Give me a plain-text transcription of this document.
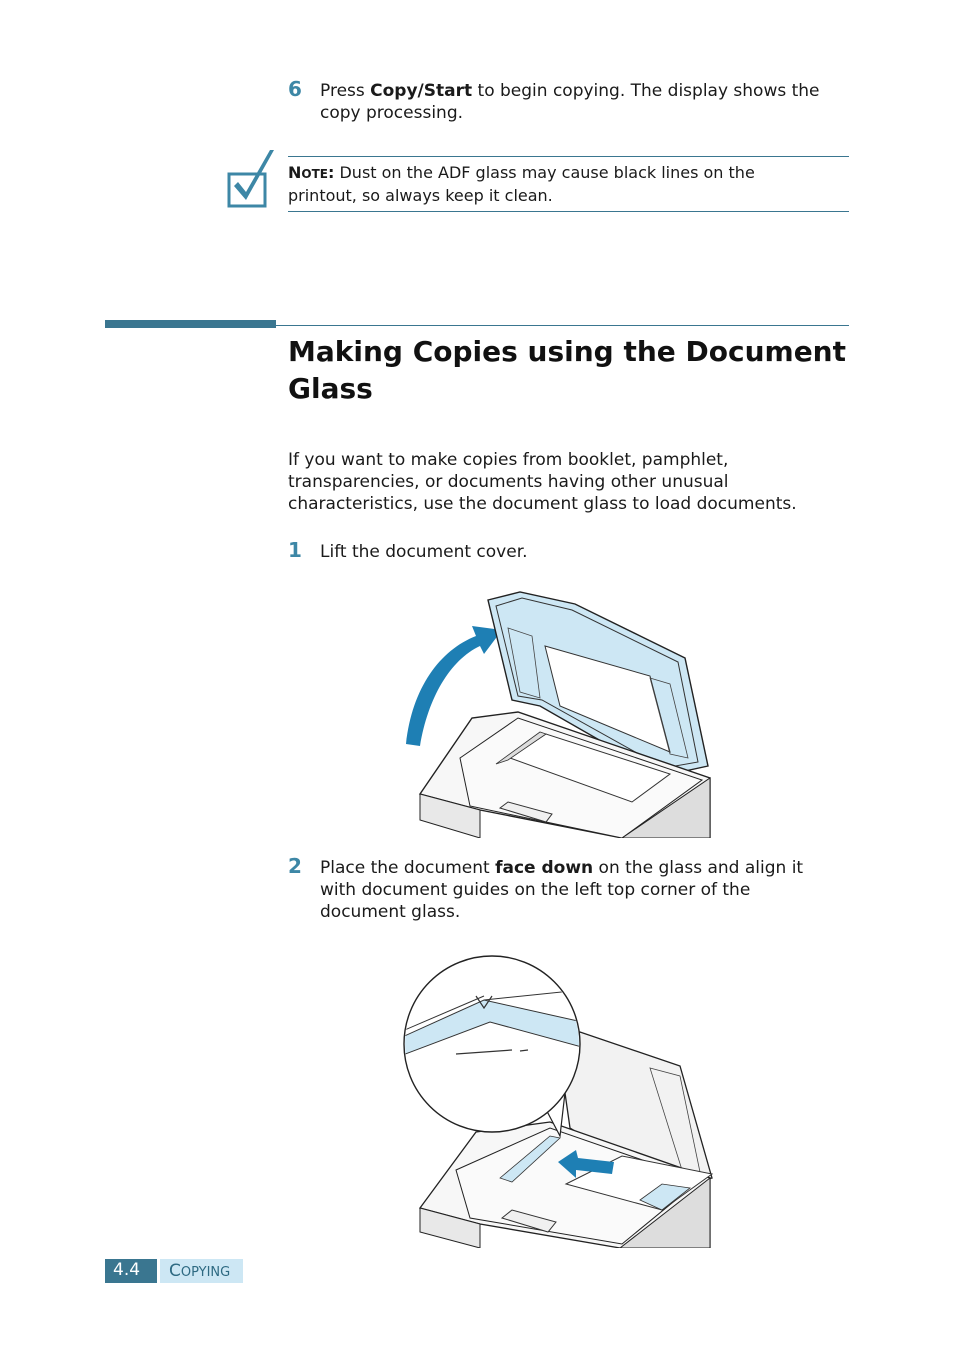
6 Press Copy/Start to begin copying. The display shows the
copy processing.
NOTE: Dust on the ADF glass may cause black lines on the
printout, so always keep it clean.
Making Copies using the Document
Glass
If you want to make copies from booklet, pamphlet,
transparencies, or documents having other unusual
characteristics, use the document glass to load documents.
1 Lift the document cover.
2 Place the document face down on the glass and align it
with document guides on the left top corner of the
document glass.
4.4 COPYING
